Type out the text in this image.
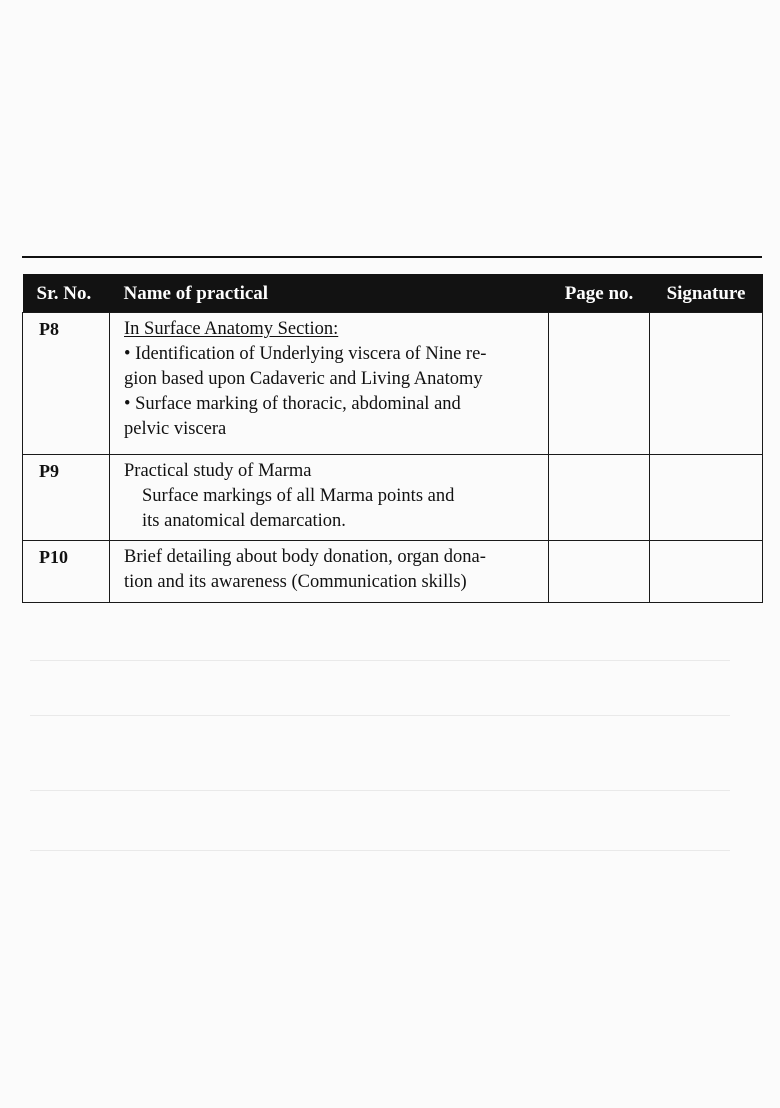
Sr. No.	Name of practical	Page no.	Signature
P8	In Surface Anatomy Section:
• Identification of Underlying viscera of Nine re-
gion based upon Cadaveric and Living Anatomy
• Surface marking of thoracic, abdominal and
pelvic viscera		

P9	Practical study of Marma
Surface markings of all Marma points and
its anatomical demarcation.		

P10	Brief detailing about body donation, organ dona-
tion and its awareness (Communication skills)		
